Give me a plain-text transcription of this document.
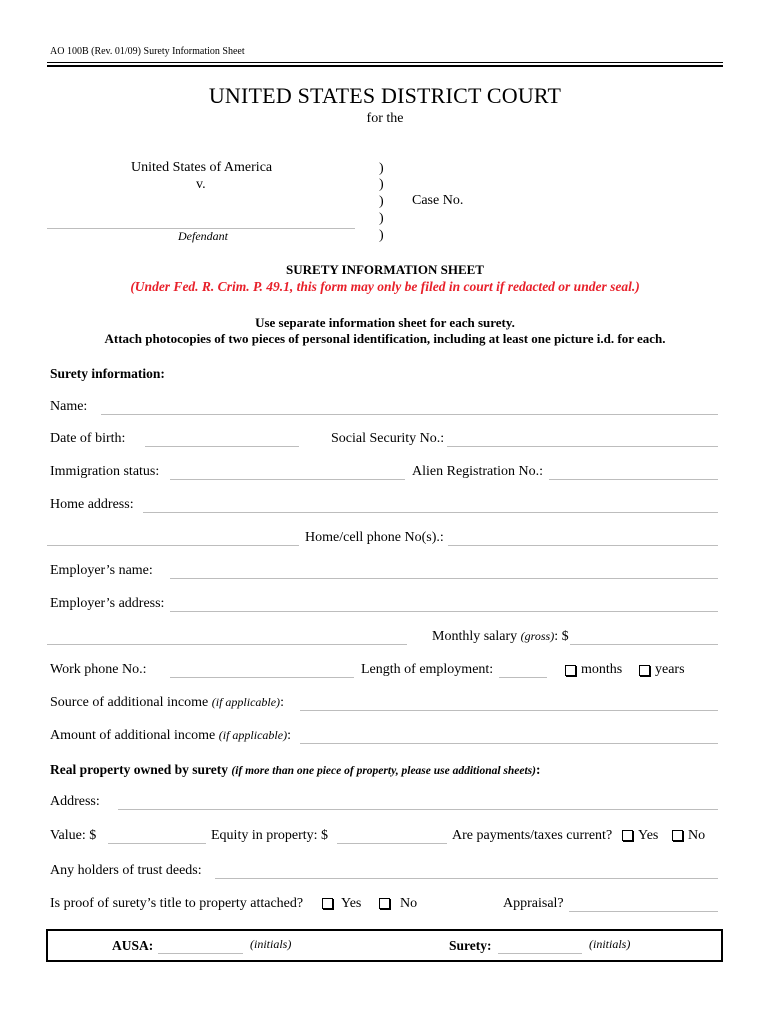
AO 100B (Rev. 01/09) Surety Information Sheet
UNITED STATES DISTRICT COURT
for the
United States of America
v.
Defendant
)
)
)
)
)
Case No.
SURETY INFORMATION SHEET
(Under Fed. R. Crim. P. 49.1, this form may only be filed in court if redacted or under seal.)
Use separate information sheet for each surety.
Attach photocopies of two pieces of personal identification, including at least one picture i.d. for each.
Surety information:
Name:
Date of birth:	Social Security No.:
Immigration status:	Alien Registration No.:
Home address:
Home/cell phone No(s).:
Employer’s name:
Employer’s address:
Monthly salary (gross): $
Work phone No.:	Length of employment:	months years
Source of additional income (if applicable):
Amount of additional income (if applicable):
Real property owned by surety (if more than one piece of property, please use additional sheets):
Address:
Value: $	Equity in property: $	Are payments/taxes current? Yes No
Any holders of trust deeds:
Is proof of surety’s title to property attached?	Yes	No	Appraisal?
AUSA:	(initials)	Surety:	(initials)
